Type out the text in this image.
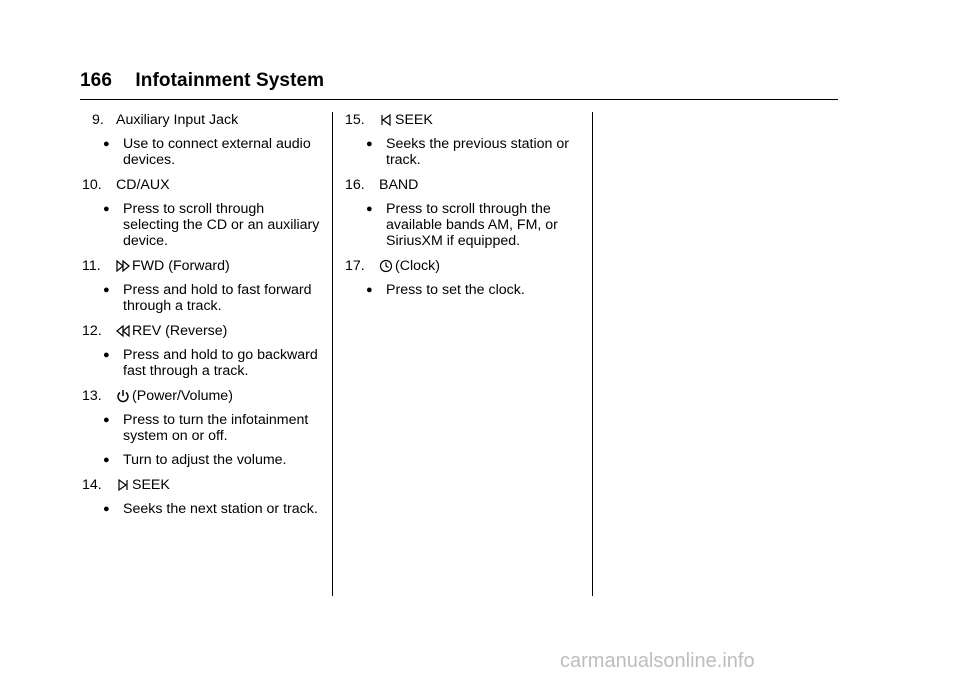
166 Infotainment System
9. Auxiliary Input Jack
● Use to connect external audio devices.
10.	CD/AUX
● Press to scroll through selecting the CD or an auxiliary device.
11.	FWD (Forward)
● Press and hold to fast forward through a track.
12.	REV (Reverse)
● Press and hold to go backward fast through a track.
13.	(Power/Volume)
● Press to turn the infotainment system on or off.
● Turn to adjust the volume.
14.	SEEK
● Seeks the next station or track.
15.	SEEK
● Seeks the previous station or track.
16.	BAND
● Press to scroll through the available bands AM, FM, or SiriusXM if equipped.
17.	(Clock)
● Press to set the clock.
carmanualsonline.info
